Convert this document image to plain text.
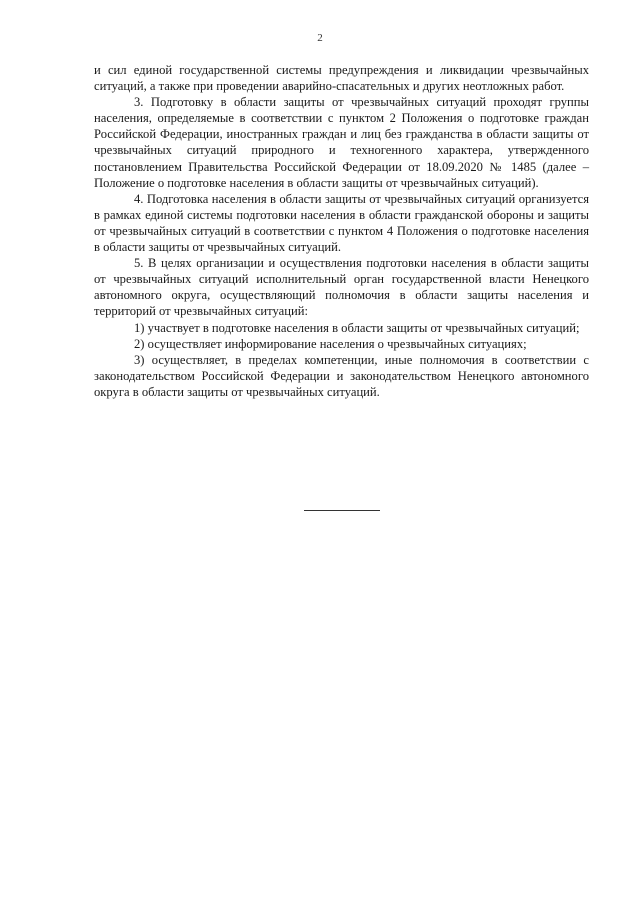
2

и сил единой государственной системы предупреждения и ликвидации чрезвычайных ситуаций, а также при проведении аварийно-спасательных и других неотложных работ.

3. Подготовку в области защиты от чрезвычайных ситуаций проходят группы населения, определяемые в соответствии с пунктом 2 Положения о подготовке граждан Российской Федерации, иностранных граждан и лиц без гражданства в области защиты от чрезвычайных ситуаций природного и техногенного характера, утвержденного постановлением Правительства Российской Федерации от 18.09.2020 № 1485 (далее – Положение о подготовке населения в области защиты от чрезвычайных ситуаций).

4. Подготовка населения в области защиты от чрезвычайных ситуаций организуется в рамках единой системы подготовки населения в области гражданской обороны и защиты от чрезвычайных ситуаций в соответствии с пунктом 4 Положения о подготовке населения в области защиты от чрезвычайных ситуаций.

5. В целях организации и осуществления подготовки населения в области защиты от чрезвычайных ситуаций исполнительный орган государственной власти Ненецкого автономного округа, осуществляющий полномочия в области защиты населения и территорий от чрезвычайных ситуаций:

1) участвует в подготовке населения в области защиты от чрезвычайных ситуаций;

2) осуществляет информирование населения о чрезвычайных ситуациях;

3) осуществляет, в пределах компетенции, иные полномочия в соответствии с законодательством Российской Федерации и законодательством Ненецкого автономного округа в области защиты от чрезвычайных ситуаций.
